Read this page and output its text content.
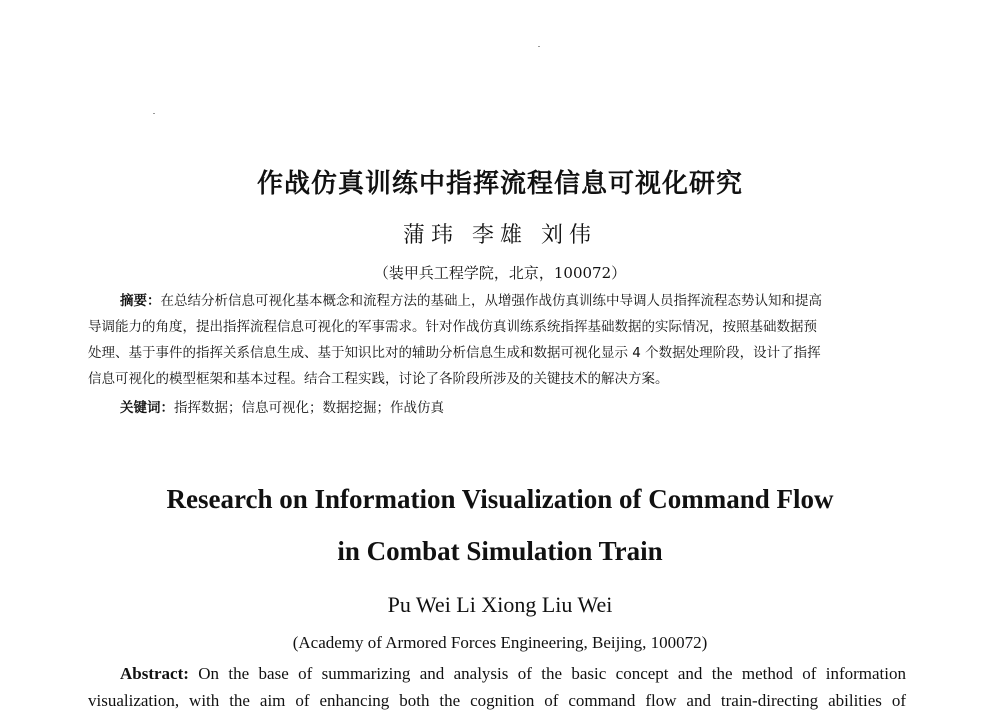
作战仿真训练中指挥流程信息可视化研究
蒲玮 李雄 刘伟
（装甲兵工程学院，北京，100072）
摘要：在总结分析信息可视化基本概念和流程方法的基础上，从增强作战仿真训练中导调人员指挥流程态势认知和提高
导调能力的角度，提出指挥流程信息可视化的军事需求。针对作战仿真训练系统指挥基础数据的实际情况，按照基础数据预
处理、基于事件的指挥关系信息生成、基于知识比对的辅助分析信息生成和数据可视化显示 4 个数据处理阶段，设计了指挥
信息可视化的模型框架和基本过程。结合工程实践，讨论了各阶段所涉及的关键技术的解决方案。
关键词：指挥数据；信息可视化；数据挖掘；作战仿真
Research on Information Visualization of Command Flow
in Combat Simulation Train
Pu Wei Li Xiong Liu Wei
(Academy of Armored Forces Engineering, Beijing, 100072)
Abstract: On the base of summarizing and analysis of the basic concept and the method of information
visualization, with the aim of enhancing both the cognition of command flow and train-directing abilities of
